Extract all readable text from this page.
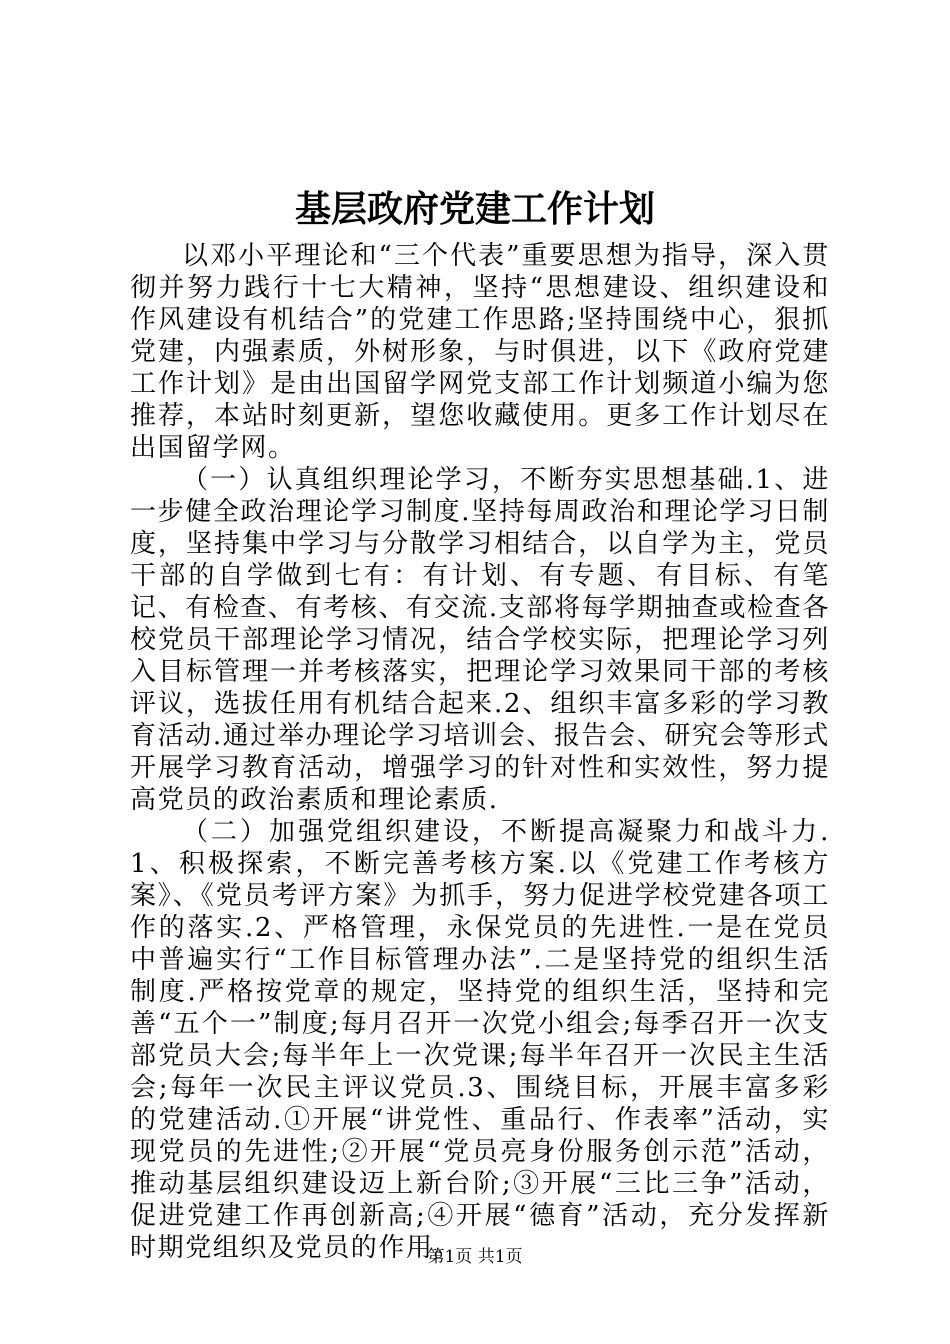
基层政府党建工作计划

以邓小平理论和“三个代表”重要思想为指导，深入贯彻并努力践行十七大精神，坚持“思想建设、组织建设和作风建设有机结合”的党建工作思路;坚持围绕中心，狠抓党建，内强素质，外树形象，与时俱进，以下《政府党建工作计划》是由出国留学网党支部工作计划频道小编为您推荐，本站时刻更新，望您收藏使用。更多工作计划尽在出国留学网。

（一）认真组织理论学习，不断夯实思想基础.1、进一步健全政治理论学习制度.坚持每周政治和理论学习日制度，坚持集中学习与分散学习相结合，以自学为主，党员干部的自学做到七有：有计划、有专题、有目标、有笔记、有检查、有考核、有交流.支部将每学期抽查或检查各校党员干部理论学习情况，结合学校实际，把理论学习列入目标管理一并考核落实，把理论学习效果同干部的考核评议，选拔任用有机结合起来.2、组织丰富多彩的学习教育活动.通过举办理论学习培训会、报告会、研究会等形式开展学习教育活动，增强学习的针对性和实效性，努力提高党员的政治素质和理论素质.

（二）加强党组织建设，不断提高凝聚力和战斗力.1、积极探索，不断完善考核方案.以《党建工作考核方案》、《党员考评方案》为抓手，努力促进学校党建各项工作的落实.2、严格管理，永保党员的先进性.一是在党员中普遍实行“工作目标管理办法”.二是坚持党的组织生活制度.严格按党章的规定，坚持党的组织生活，坚持和完善“五个一”制度;每月召开一次党小组会;每季召开一次支部党员大会;每半年上一次党课;每半年召开一次民主生活会;每年一次民主评议党员.3、围绕目标，开展丰富多彩的党建活动.①开展“讲党性、重品行、作表率”活动，实现党员的先进性;②开展“党员亮身份服务创示范”活动，推动基层组织建设迈上新台阶;③开展“三比三争”活动，促进党建工作再创新高;④开展“德育”活动，充分发挥新时期党组织及党员的作用。

第1页 共1页
